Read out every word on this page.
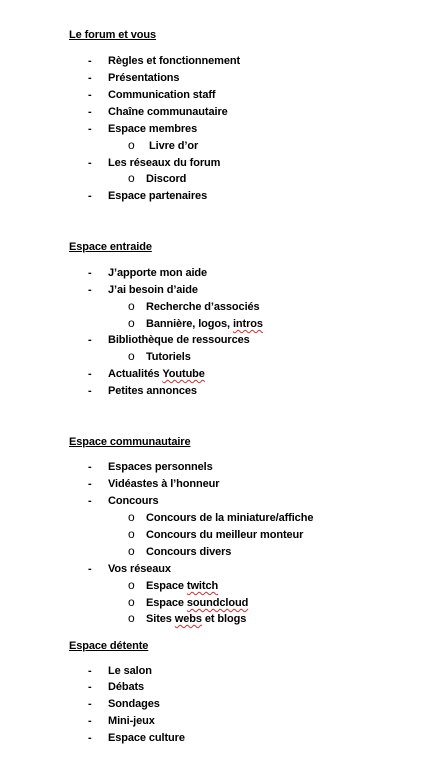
Le forum et vous
- Règles et fonctionnement
- Présentations
- Communication staff
- Chaîne communautaire
- Espace membres
o	Livre d’or
- Les réseaux du forum
o	Discord
- Espace partenaires
Espace entraide
- J’apporte mon aide
- J’ai besoin d’aide
o	Recherche d’associés
o	Bannière, logos, intros
- Bibliothèque de ressources
o	Tutoriels
- Actualités Youtube
- Petites annonces
Espace communautaire
- Espaces personnels
- Vidéastes à l’honneur
- Concours
o	Concours de la miniature/affiche
o	Concours du meilleur monteur
o	Concours divers
- Vos réseaux
o	Espace twitch
o	Espace soundcloud
o	Sites webs et blogs
Espace détente
- Le salon
- Débats
- Sondages
- Mini-jeux
- Espace culture
